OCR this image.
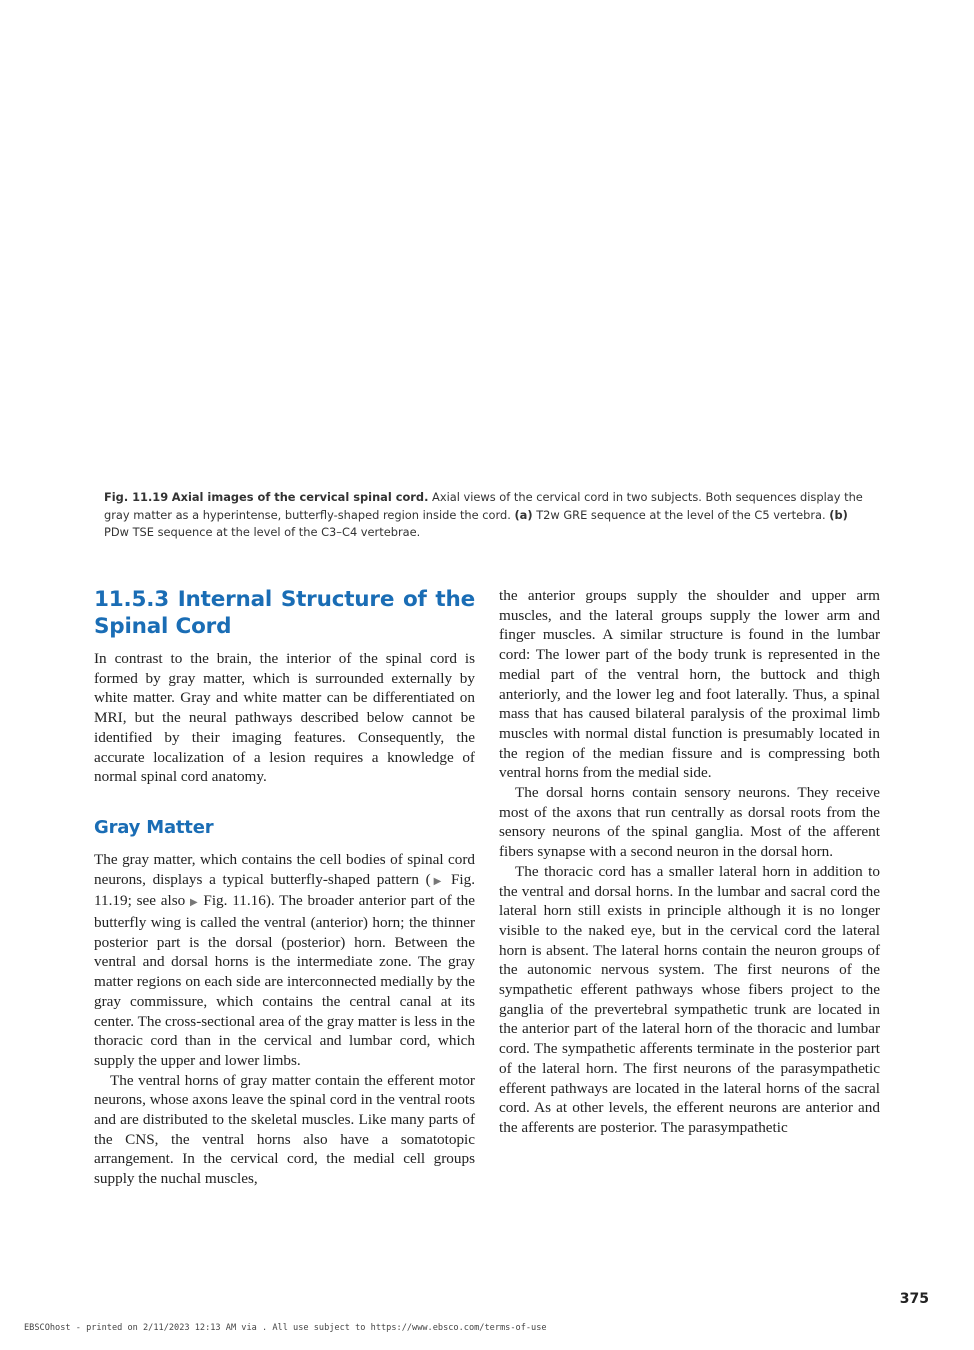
Fig. 11.19 Axial images of the cervical spinal cord. Axial views of the cervical cord in two subjects. Both sequences display the gray matter as a hyperintense, butterfly-shaped region inside the cord. (a) T2w GRE sequence at the level of the C5 vertebra. (b) PDw TSE sequence at the level of the C3–C4 vertebrae.
11.5.3 Internal Structure of the Spinal Cord

In contrast to the brain, the interior of the spinal cord is formed by gray matter, which is surrounded externally by white matter. Gray and white matter can be differentiated on MRI, but the neural pathways described below cannot be identified by their imaging features. Consequently, the accurate localization of a lesion requires a knowledge of normal spinal cord anatomy.

Gray Matter

The gray matter, which contains the cell bodies of spinal cord neurons, displays a typical butterfly-shaped pattern (▶ Fig. 11.19; see also ▶ Fig. 11.16). The broader anterior part of the butterfly wing is called the ventral (anterior) horn; the thinner posterior part is the dorsal (posterior) horn. Between the ventral and dorsal horns is the intermediate zone. The gray matter regions on each side are interconnected medially by the gray commissure, which contains the central canal at its center. The cross-sectional area of the gray matter is less in the thoracic cord than in the cervical and lumbar cord, which supply the upper and lower limbs.

The ventral horns of gray matter contain the efferent motor neurons, whose axons leave the spinal cord in the ventral roots and are distributed to the skeletal muscles. Like many parts of the CNS, the ventral horns also have a somatotopic arrangement. In the cervical cord, the medial cell groups supply the nuchal muscles,

the anterior groups supply the shoulder and upper arm muscles, and the lateral groups supply the lower arm and finger muscles. A similar structure is found in the lumbar cord: The lower part of the body trunk is represented in the medial part of the ventral horn, the buttock and thigh anteriorly, and the lower leg and foot laterally. Thus, a spinal mass that has caused bilateral paralysis of the proximal limb muscles with normal distal function is presumably located in the region of the median fissure and is compressing both ventral horns from the medial side.

The dorsal horns contain sensory neurons. They receive most of the axons that run centrally as dorsal roots from the sensory neurons of the spinal ganglia. Most of the afferent fibers synapse with a second neuron in the dorsal horn.

The thoracic cord has a smaller lateral horn in addition to the ventral and dorsal horns. In the lumbar and sacral cord the lateral horn still exists in principle although it is no longer visible to the naked eye, but in the cervical cord the lateral horn is absent. The lateral horns contain the neuron groups of the autonomic nervous system. The first neurons of the sympathetic efferent pathways whose fibers project to the ganglia of the prevertebral sympathetic trunk are located in the anterior part of the lateral horn of the thoracic and lumbar cord. The sympathetic afferents terminate in the posterior part of the lateral horn. The first neurons of the parasympathetic efferent pathways are located in the lateral horns of the sacral cord. As at other levels, the efferent neurons are anterior and the afferents are posterior. The parasympathetic

375
EBSCOhost - printed on 2/11/2023 12:13 AM via . All use subject to https://www.ebsco.com/terms-of-use
